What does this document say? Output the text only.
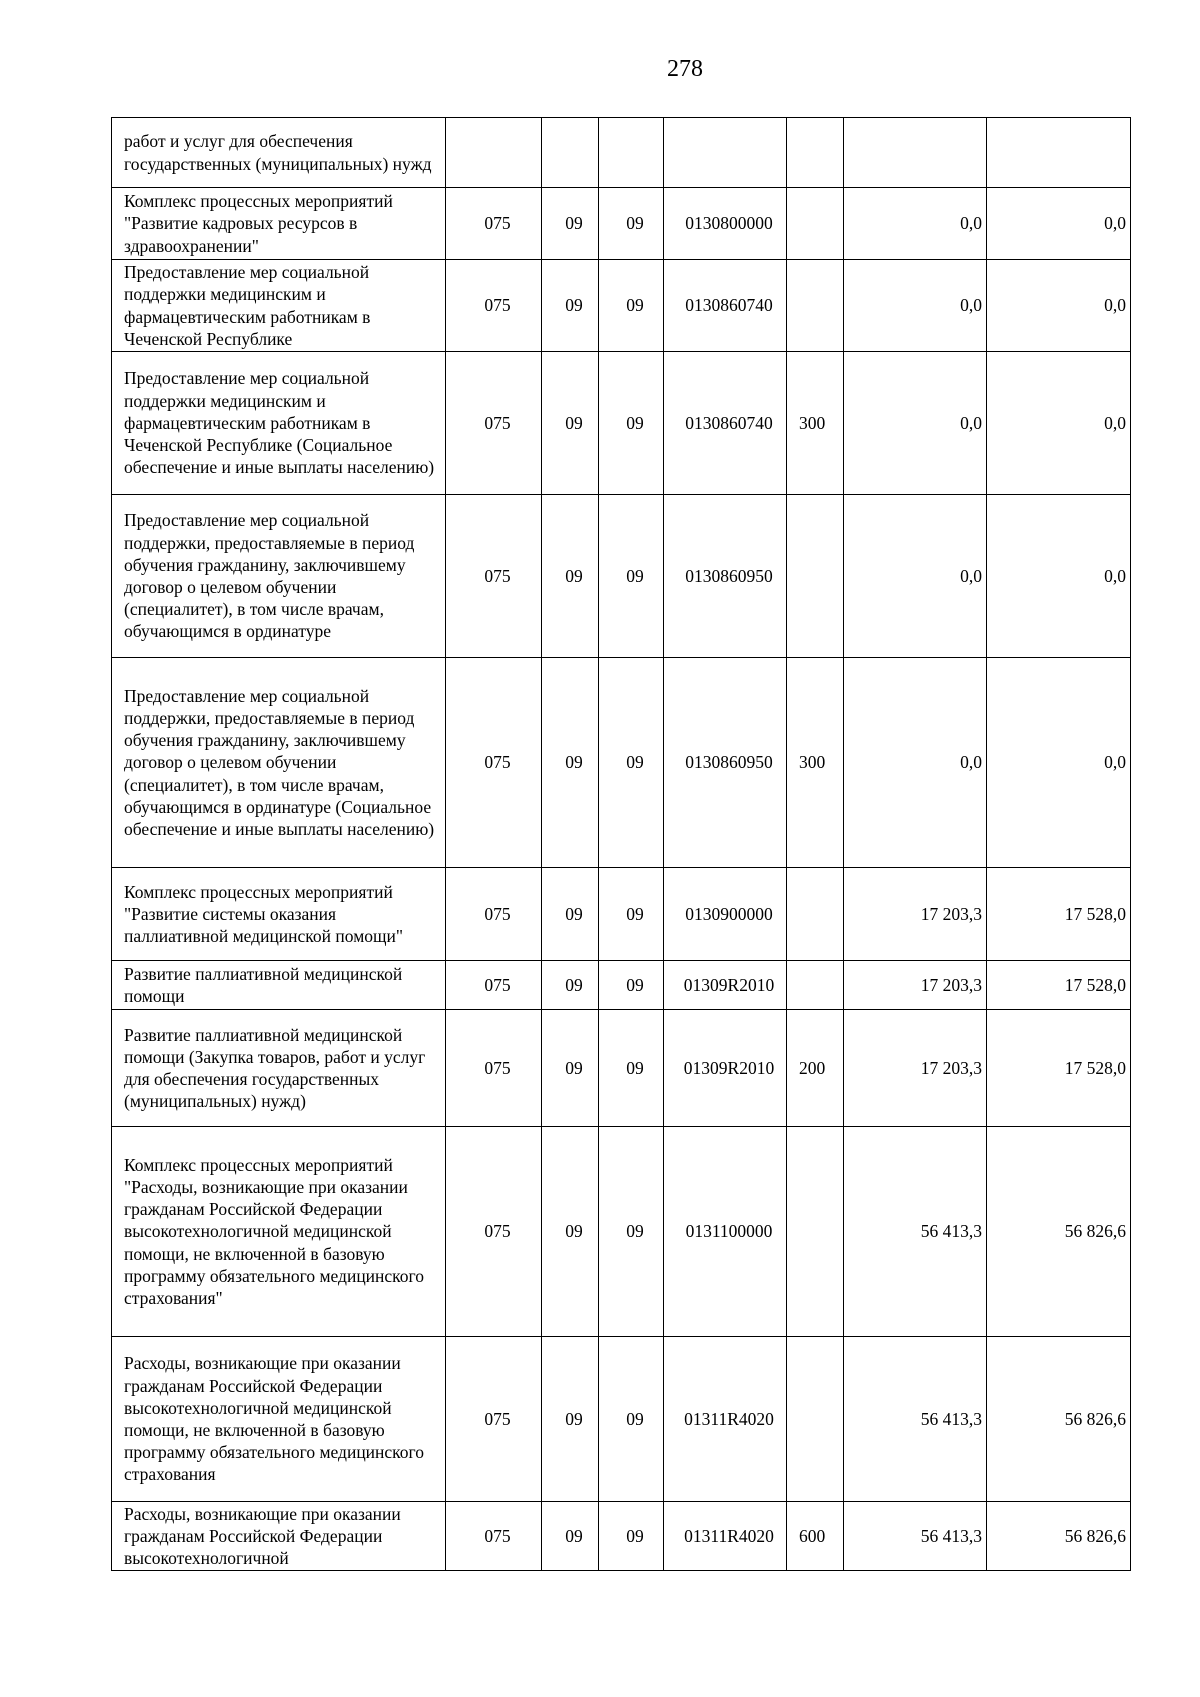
278
работ и услуг для обеспечения государственных (муниципальных) нужд							
Комплекс процессных мероприятий "Развитие кадровых ресурсов в здравоохранении"	075	09	09	0130800000		0,0	0,0
Предоставление мер социальной поддержки медицинским и фармацевтическим работникам в Чеченской Республике	075	09	09	0130860740		0,0	0,0
Предоставление мер социальной поддержки медицинским и фармацевтическим работникам в Чеченской Республике (Социальное обеспечение и иные выплаты населению)	075	09	09	0130860740	300	0,0	0,0
Предоставление мер социальной поддержки, предоставляемые в период обучения гражданину, заключившему договор о целевом обучении (специалитет), в том числе врачам, обучающимся в ординатуре	075	09	09	0130860950		0,0	0,0
Предоставление мер социальной поддержки, предоставляемые в период обучения гражданину, заключившему договор о целевом обучении (специалитет), в том числе врачам, обучающимся в ординатуре (Социальное обеспечение и иные выплаты населению)	075	09	09	0130860950	300	0,0	0,0
Комплекс процессных мероприятий "Развитие системы оказания паллиативной медицинской помощи"	075	09	09	0130900000		17 203,3	17 528,0
Развитие паллиативной медицинской помощи	075	09	09	01309R2010		17 203,3	17 528,0
Развитие паллиативной медицинской помощи (Закупка товаров, работ и услуг для обеспечения государственных (муниципальных) нужд)	075	09	09	01309R2010	200	17 203,3	17 528,0
Комплекс процессных мероприятий "Расходы, возникающие при оказании гражданам Российской Федерации высокотехнологичной медицинской помощи, не включенной в базовую программу обязательного медицинского страхования"	075	09	09	0131100000		56 413,3	56 826,6
Расходы, возникающие при оказании гражданам Российской Федерации высокотехнологичной медицинской помощи, не включенной в базовую программу обязательного медицинского страхования	075	09	09	01311R4020		56 413,3	56 826,6
Расходы, возникающие при оказании гражданам Российской Федерации высокотехнологичной	075	09	09	01311R4020	600	56 413,3	56 826,6
